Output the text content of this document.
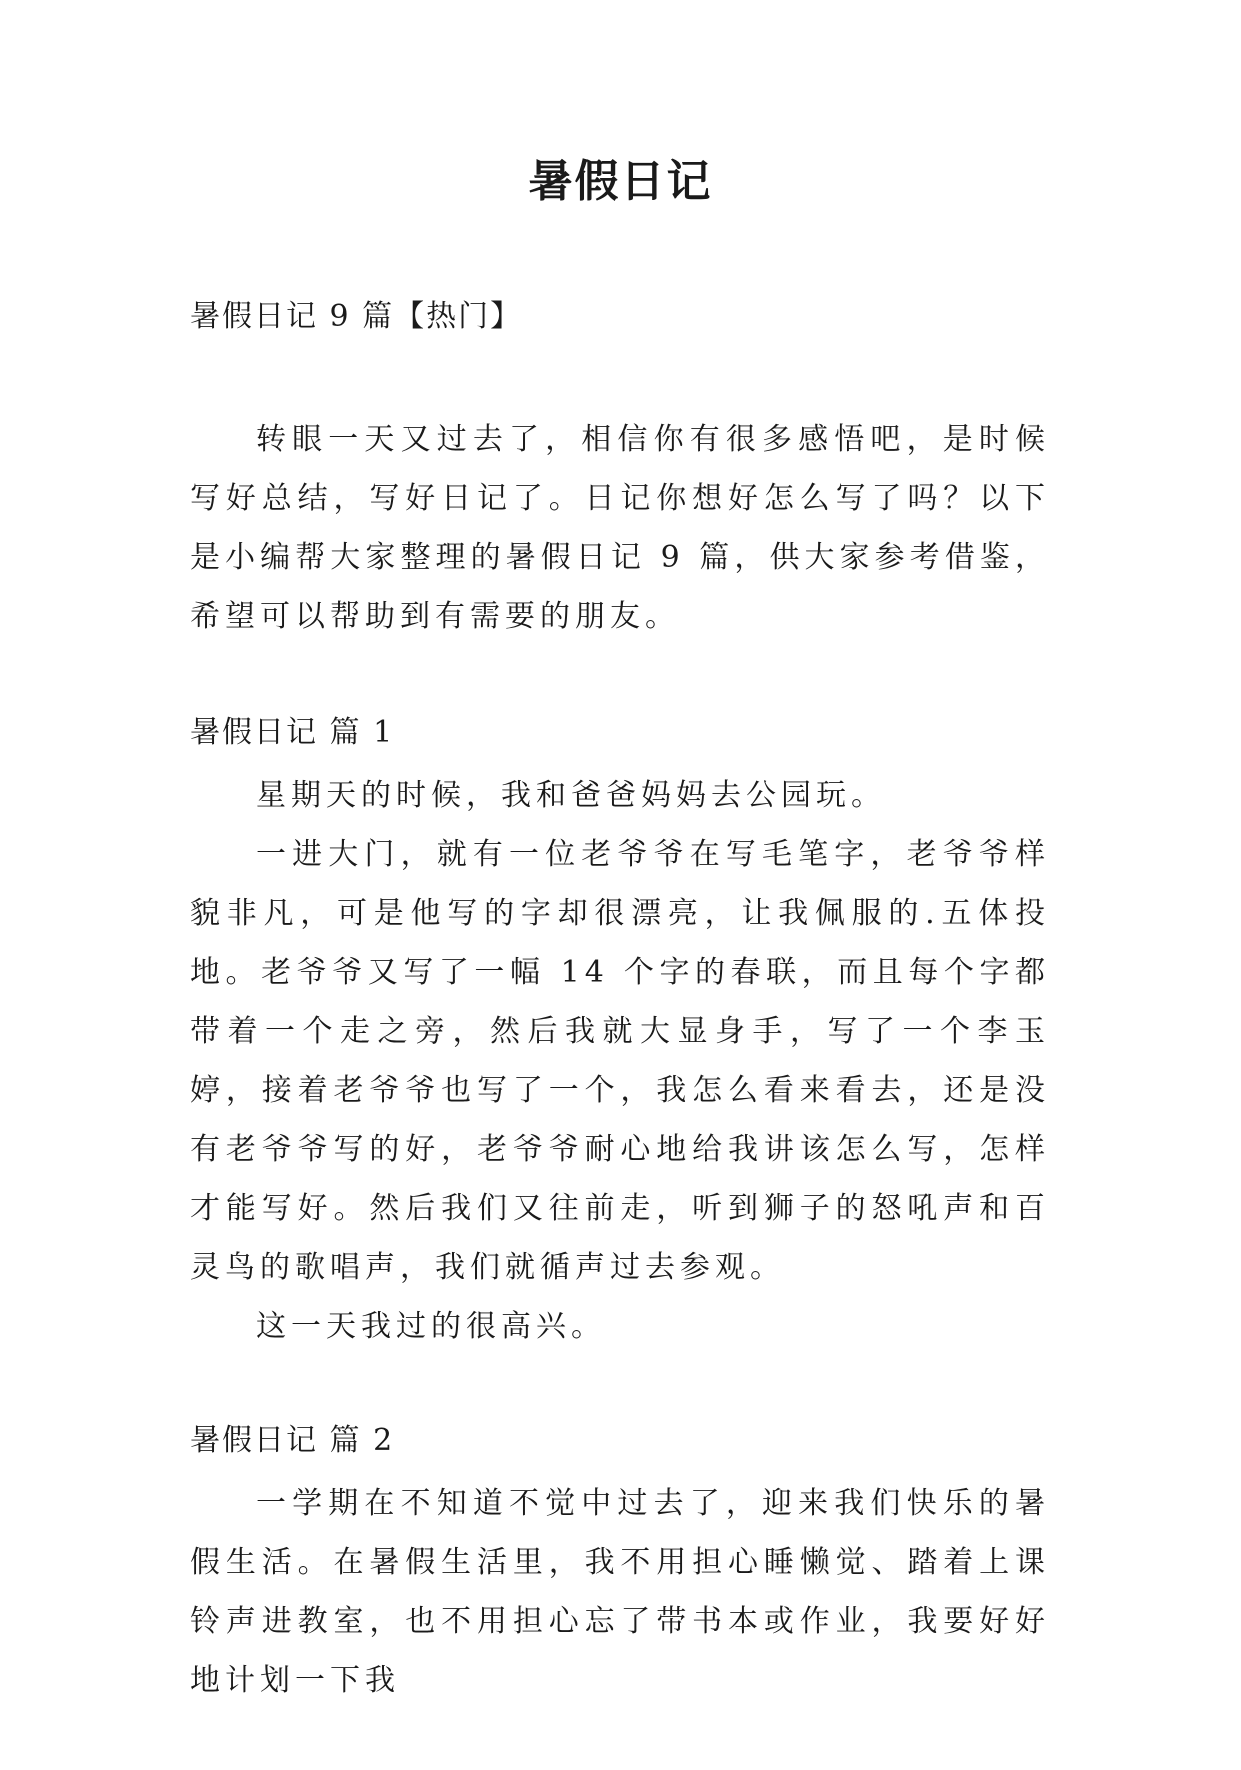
暑假日记

暑假日记 9 篇【热门】

转眼一天又过去了，相信你有很多感悟吧，是时候写好总结，写好日记了。日记你想好怎么写了吗？以下是小编帮大家整理的暑假日记 9 篇，供大家参考借鉴，希望可以帮助到有需要的朋友。

暑假日记 篇 1

星期天的时候，我和爸爸妈妈去公园玩。

一进大门，就有一位老爷爷在写毛笔字，老爷爷样貌非凡，可是他写的字却很漂亮，让我佩服的.五体投地。老爷爷又写了一幅 14 个字的春联，而且每个字都带着一个走之旁，然后我就大显身手，写了一个李玉婷，接着老爷爷也写了一个，我怎么看来看去，还是没有老爷爷写的好，老爷爷耐心地给我讲该怎么写，怎样才能写好。然后我们又往前走，听到狮子的怒吼声和百灵鸟的歌唱声，我们就循声过去参观。

这一天我过的很高兴。

暑假日记 篇 2

一学期在不知道不觉中过去了，迎来我们快乐的暑假生活。在暑假生活里，我不用担心睡懒觉、踏着上课铃声进教室，也不用担心忘了带书本或作业，我要好好地计划一下我
